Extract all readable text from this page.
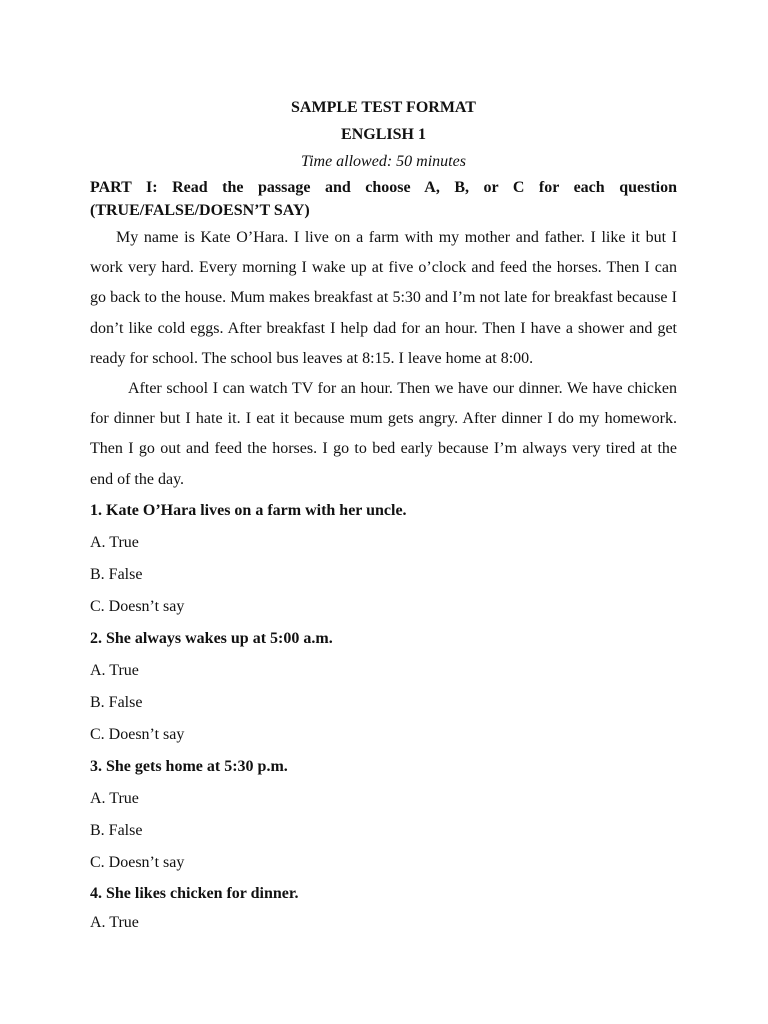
SAMPLE TEST FORMAT
ENGLISH 1
Time allowed: 50 minutes
PART I: Read the passage and choose A, B, or C for each question (TRUE/FALSE/DOESN’T SAY)

My name is Kate O’Hara. I live on a farm with my mother and father. I like it but I work very hard. Every morning I wake up at five o’clock and feed the horses. Then I can go back to the house. Mum makes breakfast at 5:30 and I’m not late for breakfast because I don’t like cold eggs. After breakfast I help dad for an hour. Then I have a shower and get ready for school. The school bus leaves at 8:15. I leave home at 8:00.

After school I can watch TV for an hour. Then we have our dinner. We have chicken for dinner but I hate it. I eat it because mum gets angry. After dinner I do my homework. Then I go out and feed the horses. I go to bed early because I’m always very tired at the end of the day.

1. Kate O’Hara lives on a farm with her uncle.
A. True
B. False
C. Doesn’t say
2. She always wakes up at 5:00 a.m.
A. True
B. False
C. Doesn’t say
3. She gets home at 5:30 p.m.
A. True
B. False
C. Doesn’t say
4. She likes chicken for dinner.
A. True
